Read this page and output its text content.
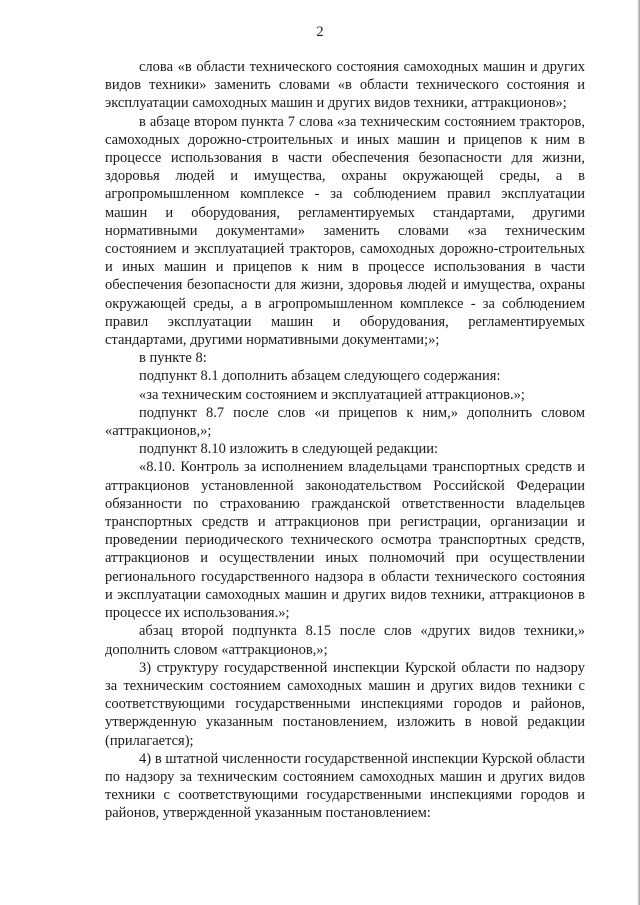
2

слова «в области технического состояния самоходных машин и других видов техники» заменить словами «в области технического состояния и эксплуатации самоходных машин и других видов техники, аттракционов»;

в абзаце втором пункта 7 слова «за техническим состоянием тракторов, самоходных дорожно-строительных и иных машин и прицепов к ним в процессе использования в части обеспечения безопасности для жизни, здоровья людей и имущества, охраны окружающей среды, а в агропромышленном комплексе - за соблюдением правил эксплуатации машин и оборудования, регламентируемых стандартами, другими нормативными документами» заменить словами «за техническим состоянием и эксплуатацией тракторов, самоходных дорожно-строительных и иных машин и прицепов к ним в процессе использования в части обеспечения безопасности для жизни, здоровья людей и имущества, охраны окружающей среды, а в агропромышленном комплексе - за соблюдением правил эксплуатации машин и оборудования, регламентируемых стандартами, другими нормативными документами;»;

в пункте 8:

подпункт 8.1 дополнить абзацем следующего содержания:

«за техническим состоянием и эксплуатацией аттракционов.»;

подпункт 8.7 после слов «и прицепов к ним,» дополнить словом «аттракционов,»;

подпункт 8.10 изложить в следующей редакции:

«8.10. Контроль за исполнением владельцами транспортных средств и аттракционов установленной законодательством Российской Федерации обязанности по страхованию гражданской ответственности владельцев транспортных средств и аттракционов при регистрации, организации и проведении периодического технического осмотра транспортных средств, аттракционов и осуществлении иных полномочий при осуществлении регионального государственного надзора в области технического состояния и эксплуатации самоходных машин и других видов техники, аттракционов в процессе их использования.»;

абзац второй подпункта 8.15 после слов «других видов техники,» дополнить словом «аттракционов,»;

3) структуру государственной инспекции Курской области по надзору за техническим состоянием самоходных машин и других видов техники с соответствующими государственными инспекциями городов и районов, утвержденную указанным постановлением, изложить в новой редакции (прилагается);

4) в штатной численности государственной инспекции Курской области по надзору за техническим состоянием самоходных машин и других видов техники с соответствующими государственными инспекциями городов и районов, утвержденной указанным постановлением:
